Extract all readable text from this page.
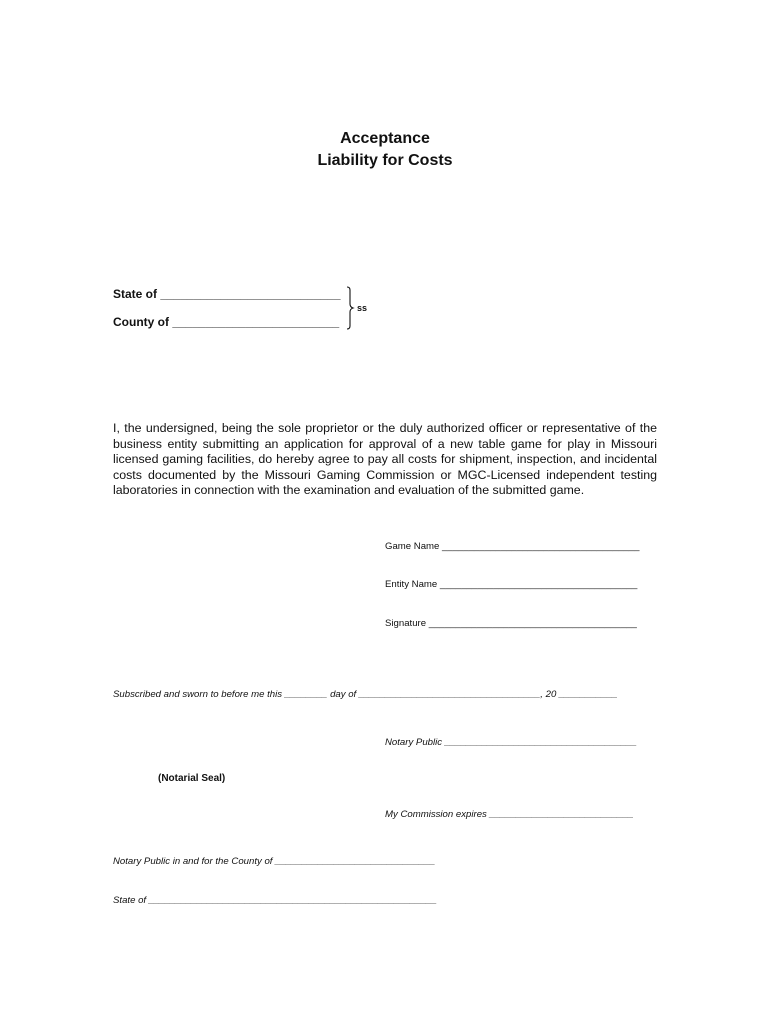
Acceptance
Liability for Costs
State of ___________________________
County of _________________________
ss
I, the undersigned, being the sole proprietor or the duly authorized officer or representative of the business entity submitting an application for approval of a new table game for play in Missouri licensed gaming facilities, do hereby agree to pay all costs for shipment, inspection, and incidental costs documented by the Missouri Gaming Commission or MGC-Licensed independent testing laboratories in connection with the examination and evaluation of the submitted game.
Game Name _____________________________________
Entity Name _____________________________________
Signature _______________________________________
Subscribed and sworn to before me this ________ day of __________________________________, 20 ___________
Notary Public ____________________________________
(Notarial Seal)
My Commission expires ___________________________
Notary Public in and for the County of ______________________________
State of ______________________________________________________
